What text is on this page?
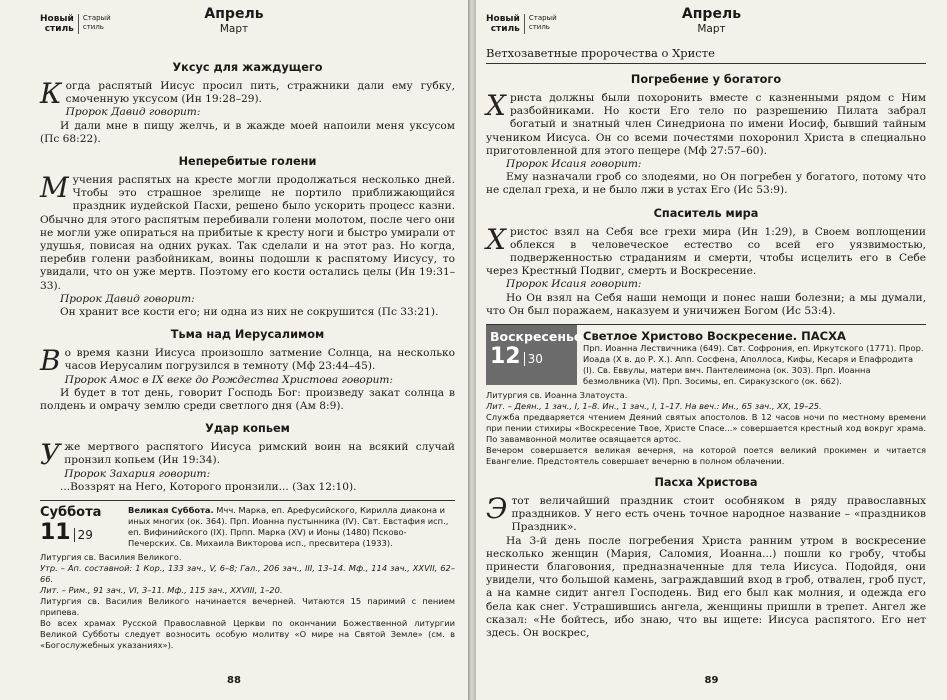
Новый
стиль
Старый
стиль
Апрель
Март
Уксус для жаждущего

Когда распятый Иисус просил пить, стражники дали ему губку, смоченную уксусом (Ин 19:28–29).

Пророк Давид говорит:

И дали мне в пищу желчь, и в жажде моей напоили меня уксусом (Пс 68:22).

Неперебитые голени

Мучения распятых на кресте могли продолжаться несколько дней. Чтобы это страшное зрелище не портило приближающийся праздник иудейской Пасхи, решено было ускорить процесс казни. Обычно для этого распятым перебивали голени молотом, после чего они не могли уже опираться на прибитые к кресту ноги и быстро умирали от удушья, повисая на одних руках. Так сделали и на этот раз. Но когда, перебив голени разбойникам, воины подошли к распятому Иисусу, то увидали, что он уже мертв. Поэтому его кости остались целы (Ин 19:31–33).

Пророк Давид говорит:

Он хранит все кости его; ни одна из них не сокрушится (Пс 33:21).

Тьма над Иерусалимом

Во время казни Иисуса произошло затмение Солнца, на несколько часов Иерусалим погрузился в темноту (Мф 23:44–45).

Пророк Амос в IX веке до Рождества Христова говорит:

И будет в тот день, говорит Господь Бог: произведу закат солнца в полдень и омрачу землю среди светлого дня (Ам 8:9).

Удар копьем

Уже мертвого распятого Иисуса римский воин на всякий случай пронзил копьем (Ин 19:34).

Пророк Захария говорит:

...Воззрят на Него, Которого пронзили... (Зах 12:10).

Суббота
11 29
Великая Суббота. Мчч. Марка, еп. Арефусийского, Кирилла диакона и иных многих (ок. 364). Прп. Иоанна пустынника (IV). Свт. Евстафия исп., еп. Вифинийского (IX). Прпп. Марка (XV) и Ионы (1480) Псково-Печерских. Св. Михаила Викторова исп., пресвитера (1933).

Литургия св. Василия Великого.

Утр. – Ап. составной: 1 Кор., 133 зач., V, 6–8; Гал., 206 зач., III, 13–14. Мф., 114 зач., XXVII, 62–66.

Лит. – Рим., 91 зач., VI, 3–11. Мф., 115 зач., XXVIII, 1–20.

Литургия св. Василия Великого начинается вечерней. Читаются 15 паримий с пением припева.

Во всех храмах Русской Православной Церкви по окончании Божественной литургии Великой Субботы следует возносить особую молитву «О мире на Святой Земле» (см. в «Богослужебных указаниях»).

88
Новый
стиль
Старый
стиль
Апрель
Март
Ветхозаветные пророчества о Христе
Погребение у богатого

Христа должны были похоронить вместе с казненными рядом с Ним разбойниками. Но кости Его тело по разрешению Пилата забрал богатый и знатный член Синедриона по имени Иосиф, бывший тайным учеником Иисуса. Он со всеми почестями похоронил Христа в специально приготовленной для этого пещере (Мф 27:57–60).

Пророк Исаия говорит:

Ему назначали гроб со злодеями, но Он погребен у богатого, потому что не сделал греха, и не было лжи в устах Его (Ис 53:9).

Спаситель мира

Христос взял на Себя все грехи мира (Ин 1:29), в Своем воплощении облекся в человеческое естество со всей его уязвимостью, подверженностью страданиям и смерти, чтобы исцелить его в Себе через Крестный Подвиг, смерть и Воскресение.

Пророк Исаия говорит:

Но Он взял на Себя наши немощи и понес наши болезни; а мы думали, что Он был поражаем, наказуем и уничижен Богом (Ис 53:4).

Воскресенье
12 30
Светлое Христово Воскресение. ПАСХА
Прп. Иоанна Лествичника (649). Свт. Софрония, еп. Иркутского (1771). Прор. Иоада (X в. до Р. Х.). Апп. Сосфена, Аполлоса, Кифы, Кесаря и Епафродита (I). Св. Еввулы, матери вмч. Пантелеимона (ок. 303). Прп. Иоанна безмолвника (VI). Прп. Зосимы, еп. Сиракузского (ок. 662).

Литургия св. Иоанна Златоуста.

Лит. – Деян., 1 зач., I, 1–8. Ин., 1 зач., I, 1–17. На веч.: Ин., 65 зач., XX, 19–25.

Служба предваряется чтением Деяний святых апостолов. В 12 часов ночи по местному времени при пении стихиры «Воскресение Твое, Христе Спасе...» совершается крестный ход вокруг храма. По завамвонной молитве освящается артос.

Вечером совершается великая вечерня, на которой поется великий прокимен и читается Евангелие. Предстоятель совершает вечерню в полном облачении.

Пасха Христова

Этот величайший праздник стоит особняком в ряду православных праздников. У него есть очень точное народное название – «праздников Праздник».

На 3-й день после погребения Христа ранним утром в воскресение несколько женщин (Мария, Саломия, Иоанна...) пошли ко гробу, чтобы принести благовония, предназначенные для тела Иисуса. Подойдя, они увидели, что большой камень, заграждавший вход в гроб, отвален, гроб пуст, а на камне сидит ангел Господень. Вид его был как молния, и одежда его бела как снег. Устрашившись ангела, женщины пришли в трепет. Ангел же сказал: «Не бойтесь, ибо знаю, что вы ищете: Иисуса распятого. Его нет здесь. Он воскрес,

89
